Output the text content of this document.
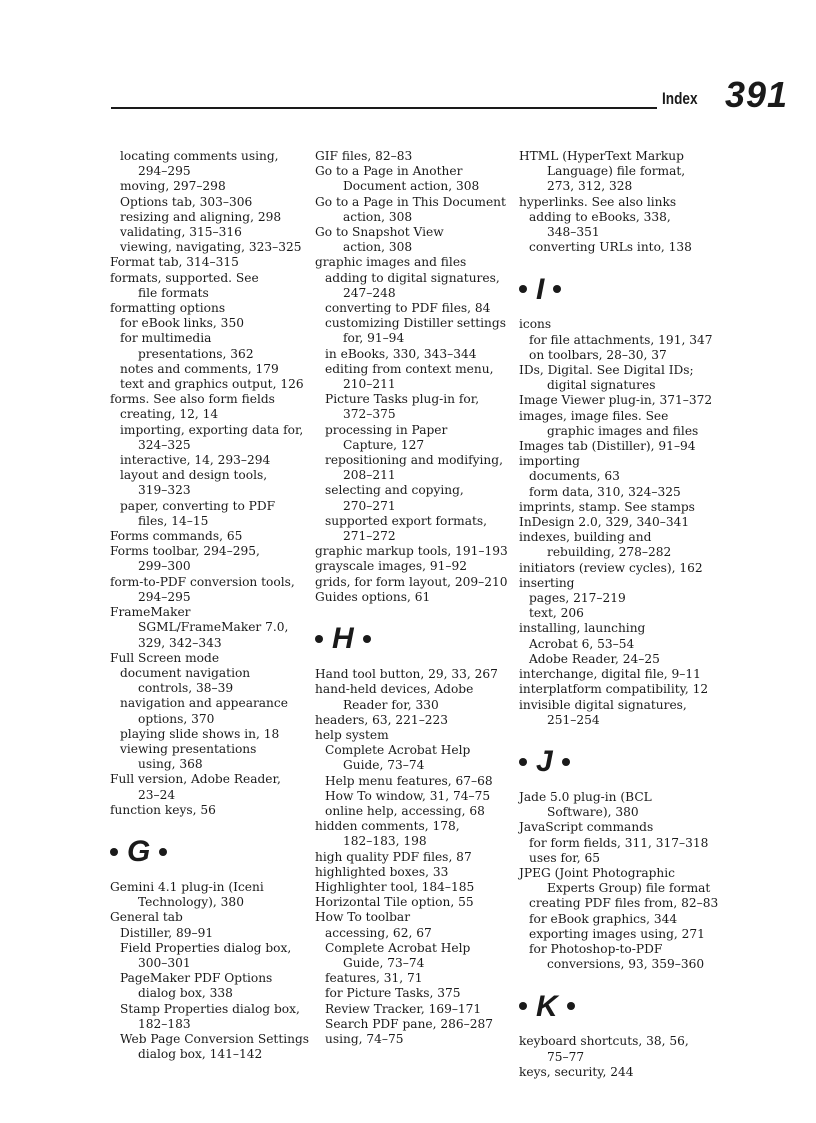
Index 391
locating comments using,
294–295
moving, 297–298
Options tab, 303–306
resizing and aligning, 298
validating, 315–316
viewing, navigating, 323–325
Format tab, 314–315
formats, supported. See
file formats
formatting options
for eBook links, 350
for multimedia
presentations, 362
notes and comments, 179
text and graphics output, 126
forms. See also form fields
creating, 12, 14
importing, exporting data for,
324–325
interactive, 14, 293–294
layout and design tools,
319–323
paper, converting to PDF
files, 14–15
Forms commands, 65
Forms toolbar, 294–295,
299–300
form-to-PDF conversion tools,
294–295
FrameMaker
SGML/FrameMaker 7.0,
329, 342–343
Full Screen mode
document navigation
controls, 38–39
navigation and appearance
options, 370
playing slide shows in, 18
viewing presentations
using, 368
Full version, Adobe Reader,
23–24
function keys, 56
G
Gemini 4.1 plug-in (Iceni
Technology), 380
General tab
Distiller, 89–91
Field Properties dialog box,
300–301
PageMaker PDF Options
dialog box, 338
Stamp Properties dialog box,
182–183
Web Page Conversion Settings
dialog box, 141–142
GIF files, 82–83
Go to a Page in Another
Document action, 308
Go to a Page in This Document
action, 308
Go to Snapshot View
action, 308
graphic images and files
adding to digital signatures,
247–248
converting to PDF files, 84
customizing Distiller settings
for, 91–94
in eBooks, 330, 343–344
editing from context menu,
210–211
Picture Tasks plug-in for,
372–375
processing in Paper
Capture, 127
repositioning and modifying,
208–211
selecting and copying,
270–271
supported export formats,
271–272
graphic markup tools, 191–193
grayscale images, 91–92
grids, for form layout, 209–210
Guides options, 61
H
Hand tool button, 29, 33, 267
hand-held devices, Adobe
Reader for, 330
headers, 63, 221–223
help system
Complete Acrobat Help
Guide, 73–74
Help menu features, 67–68
How To window, 31, 74–75
online help, accessing, 68
hidden comments, 178,
182–183, 198
high quality PDF files, 87
highlighted boxes, 33
Highlighter tool, 184–185
Horizontal Tile option, 55
How To toolbar
accessing, 62, 67
Complete Acrobat Help
Guide, 73–74
features, 31, 71
for Picture Tasks, 375
Review Tracker, 169–171
Search PDF pane, 286–287
using, 74–75
HTML (HyperText Markup
Language) file format,
273, 312, 328
hyperlinks. See also links
adding to eBooks, 338,
348–351
converting URLs into, 138
I
icons
for file attachments, 191, 347
on toolbars, 28–30, 37
IDs, Digital. See Digital IDs;
digital signatures
Image Viewer plug-in, 371–372
images, image files. See
graphic images and files
Images tab (Distiller), 91–94
importing
documents, 63
form data, 310, 324–325
imprints, stamp. See stamps
InDesign 2.0, 329, 340–341
indexes, building and
rebuilding, 278–282
initiators (review cycles), 162
inserting
pages, 217–219
text, 206
installing, launching
Acrobat 6, 53–54
Adobe Reader, 24–25
interchange, digital file, 9–11
interplatform compatibility, 12
invisible digital signatures,
251–254
J
Jade 5.0 plug-in (BCL
Software), 380
JavaScript commands
for form fields, 311, 317–318
uses for, 65
JPEG (Joint Photographic
Experts Group) file format
creating PDF files from, 82–83
for eBook graphics, 344
exporting images using, 271
for Photoshop-to-PDF
conversions, 93, 359–360
K
keyboard shortcuts, 38, 56,
75–77
keys, security, 244
